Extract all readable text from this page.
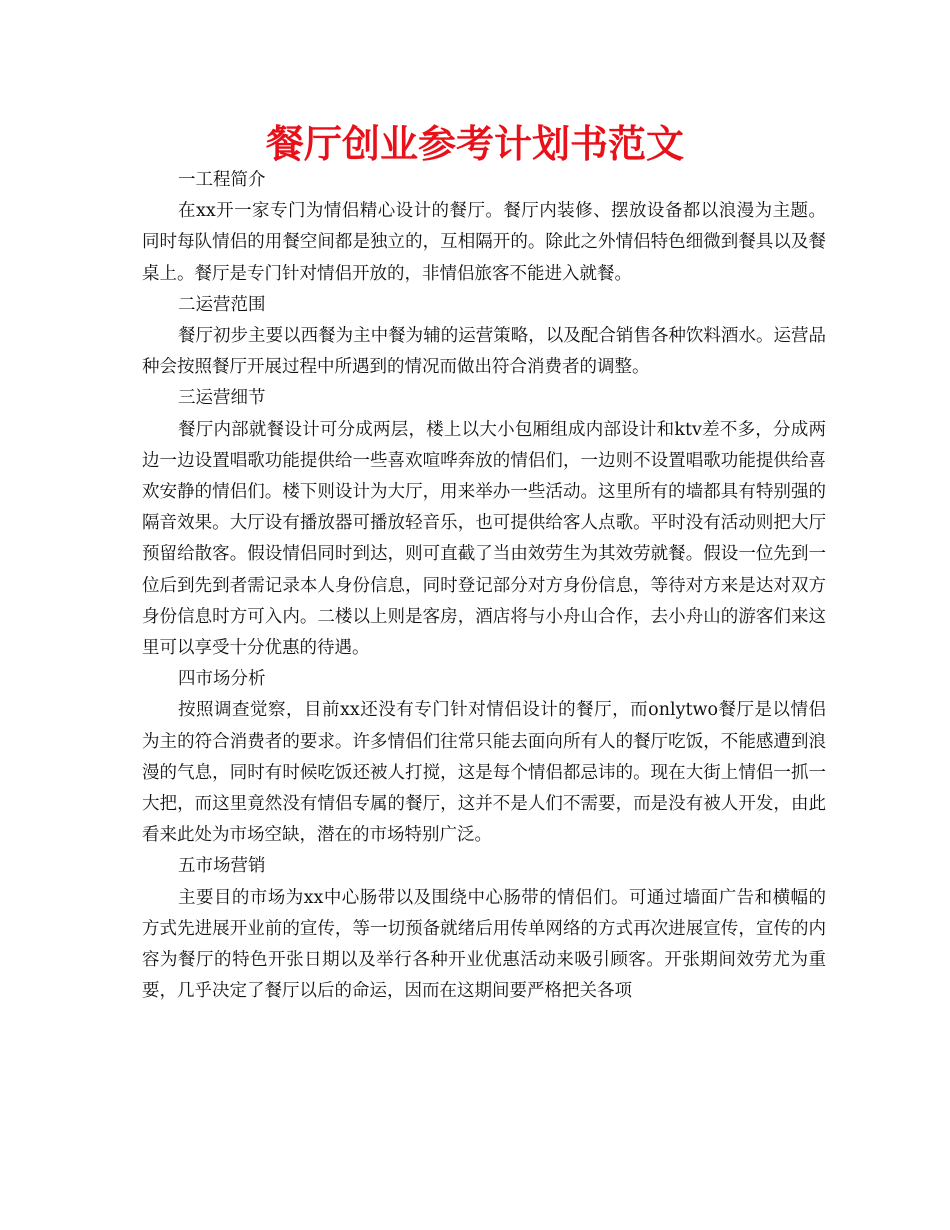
餐厅创业参考计划书范文

一工程简介

在xx开一家专门为情侣精心设计的餐厅。餐厅内装修、摆放设备都以浪漫为主题。同时每队情侣的用餐空间都是独立的，互相隔开的。除此之外情侣特色细微到餐具以及餐桌上。餐厅是专门针对情侣开放的，非情侣旅客不能进入就餐。

二运营范围

餐厅初步主要以西餐为主中餐为辅的运营策略，以及配合销售各种饮料酒水。运营品种会按照餐厅开展过程中所遇到的情况而做出符合消费者的调整。

三运营细节

餐厅内部就餐设计可分成两层，楼上以大小包厢组成内部设计和ktv差不多，分成两边一边设置唱歌功能提供给一些喜欢喧哗奔放的情侣们，一边则不设置唱歌功能提供给喜欢安静的情侣们。楼下则设计为大厅，用来举办一些活动。这里所有的墙都具有特别强的隔音效果。大厅设有播放器可播放轻音乐，也可提供给客人点歌。平时没有活动则把大厅预留给散客。假设情侣同时到达，则可直截了当由效劳生为其效劳就餐。假设一位先到一位后到先到者需记录本人身份信息，同时登记部分对方身份信息，等待对方来是达对双方身份信息时方可入内。二楼以上则是客房，酒店将与小舟山合作，去小舟山的游客们来这里可以享受十分优惠的待遇。

四市场分析

按照调查觉察，目前xx还没有专门针对情侣设计的餐厅，而onlytwo餐厅是以情侣为主的符合消费者的要求。许多情侣们往常只能去面向所有人的餐厅吃饭，不能感遭到浪漫的气息，同时有时候吃饭还被人打搅，这是每个情侣都忌讳的。现在大街上情侣一抓一大把，而这里竟然没有情侣专属的餐厅，这并不是人们不需要，而是没有被人开发，由此看来此处为市场空缺，潜在的市场特别广泛。

五市场营销

主要目的市场为xx中心肠带以及围绕中心肠带的情侣们。可通过墙面广告和横幅的方式先进展开业前的宣传，等一切预备就绪后用传单网络的方式再次进展宣传，宣传的内容为餐厅的特色开张日期以及举行各种开业优惠活动来吸引顾客。开张期间效劳尤为重要，几乎决定了餐厅以后的命运，因而在这期间要严格把关各项
